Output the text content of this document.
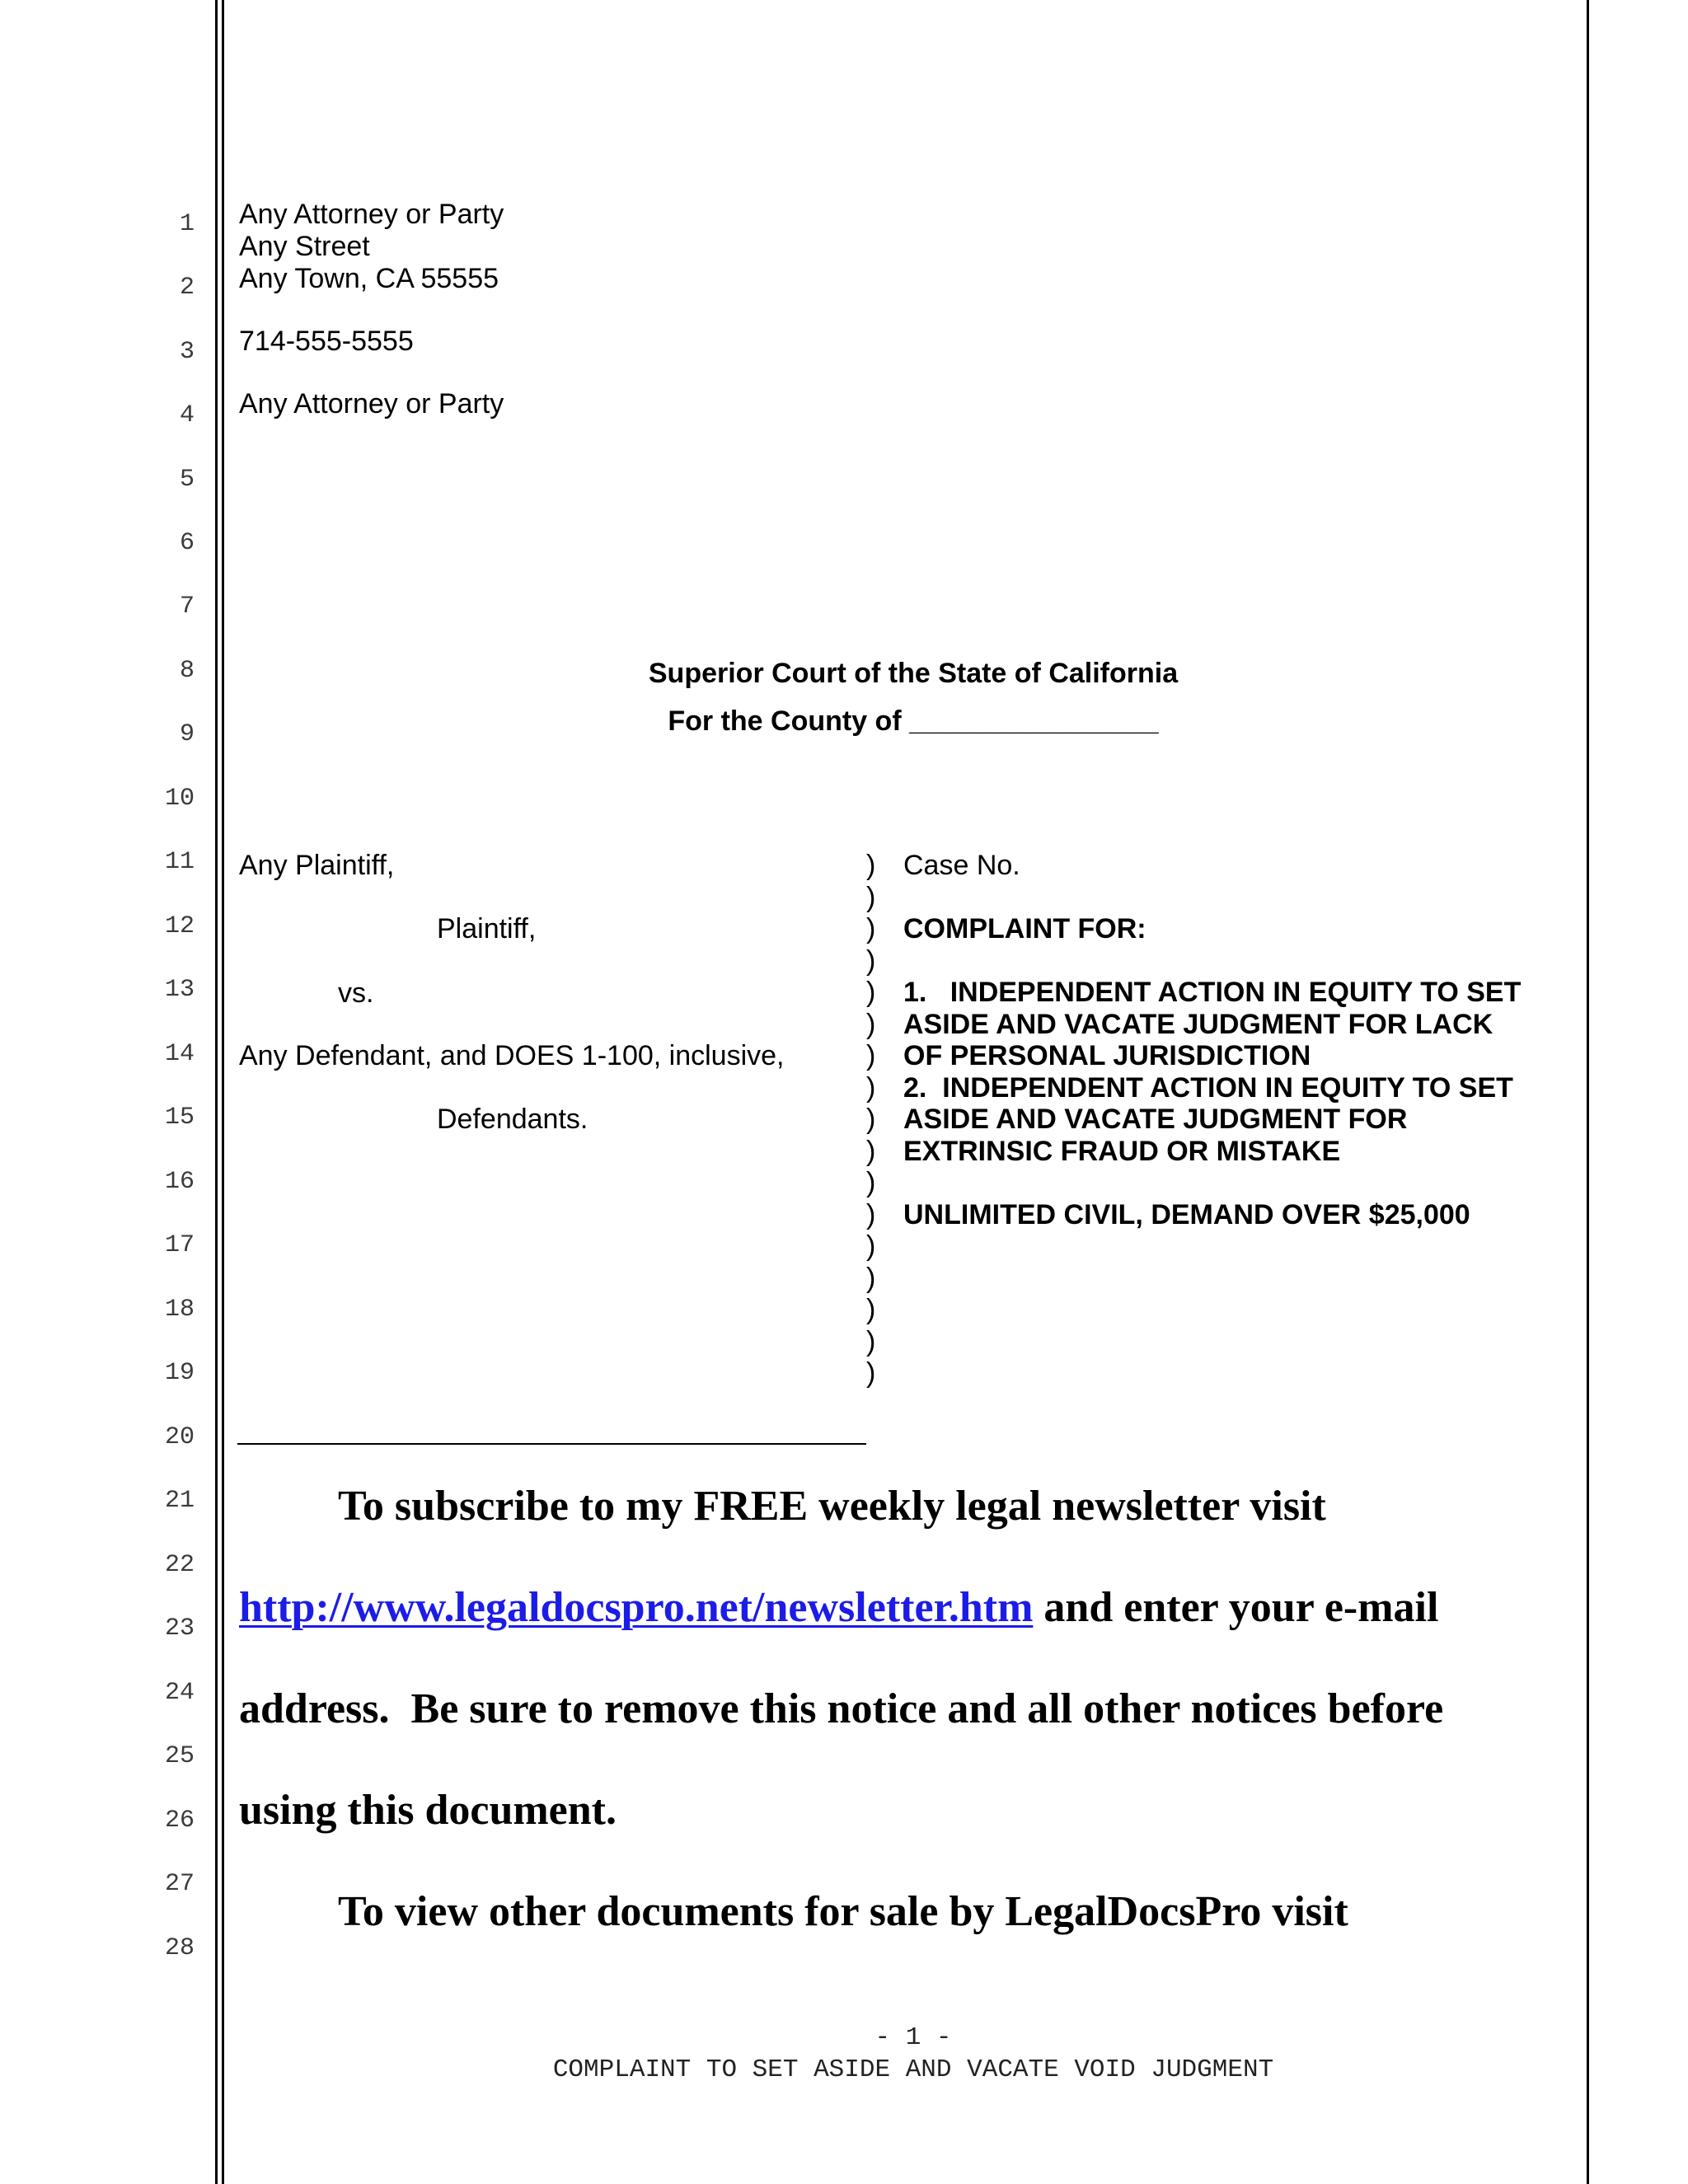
1
2
3
4
5
6
7
8
9
10
11
12
13
14
15
16
17
18
19
20
21
22
23
24
25
26
27
28
Any Attorney or Party
Any Street
Any Town, CA 55555
714-555-5555
Any Attorney or Party
Superior Court of the State of California
For the County of ________________
Any Plaintiff,
Plaintiff,
vs.
Any Defendant, and DOES 1-100, inclusive,
Defendants.
)
)
)
)
)
)
)
)
)
)
)
)
)
)
)
)
)
Case No.
COMPLAINT FOR:
1.   INDEPENDENT ACTION IN EQUITY TO SET
ASIDE AND VACATE JUDGMENT FOR LACK
OF PERSONAL JURISDICTION
2.  INDEPENDENT ACTION IN EQUITY TO SET
ASIDE AND VACATE JUDGMENT FOR
EXTRINSIC FRAUD OR MISTAKE
UNLIMITED CIVIL, DEMAND OVER $25,000
To subscribe to my FREE weekly legal newsletter visit
http://www.legaldocspro.net/newsletter.htm and enter your e-mail
address.  Be sure to remove this notice and all other notices before
using this document.
To view other documents for sale by LegalDocsPro visit
- 1 -
COMPLAINT TO SET ASIDE AND VACATE VOID JUDGMENT
